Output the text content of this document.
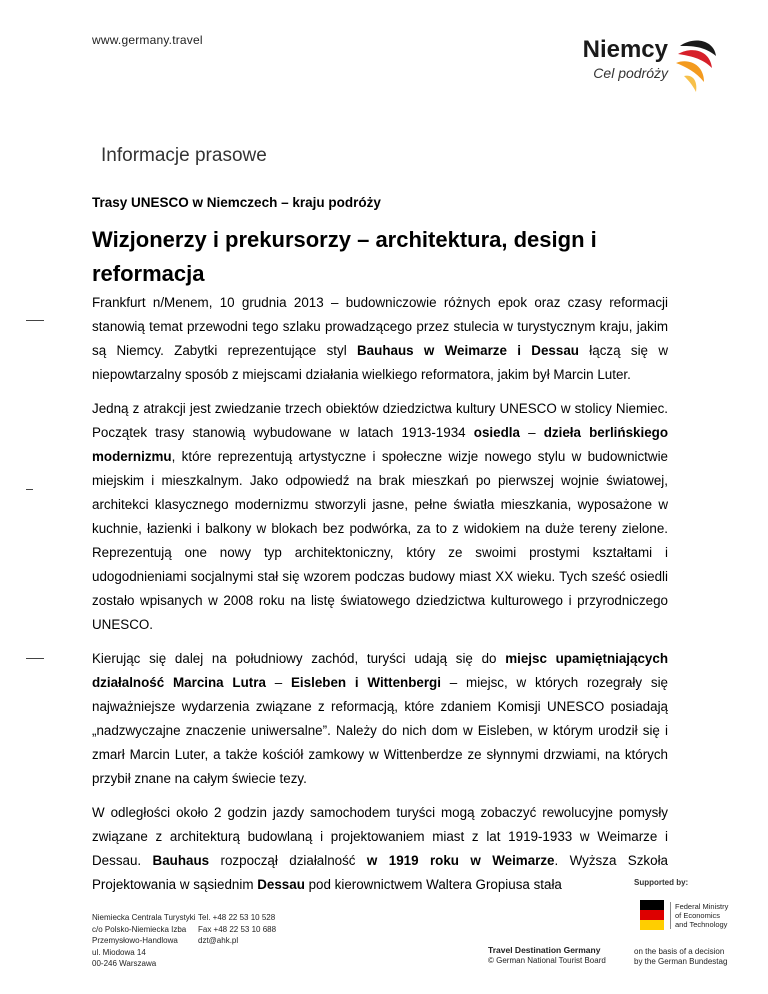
www.germany.travel	Niemcy
Cel podróży
Informacje prasowe
Trasy UNESCO w Niemczech – kraju podróży
Wizjonerzy i prekursorzy – architektura, design i reformacja

Frankfurt n/Menem, 10 grudnia 2013 – budowniczowie różnych epok oraz czasy reformacji stanowią temat przewodni tego szlaku prowadzącego przez stulecia w turystycznym kraju, jakim są Niemcy. Zabytki reprezentujące styl Bauhaus w Weimarze i Dessau łączą się w niepowtarzalny sposób z miejscami działania wielkiego reformatora, jakim był Marcin Luter.

Jedną z atrakcji jest zwiedzanie trzech obiektów dziedzictwa kultury UNESCO w stolicy Niemiec. Początek trasy stanowią wybudowane w latach 1913-1934 osiedla – dzieła berlińskiego modernizmu, które reprezentują artystyczne i społeczne wizje nowego stylu w budownictwie miejskim i mieszkalnym. Jako odpowiedź na brak mieszkań po pierwszej wojnie światowej, architekci klasycznego modernizmu stworzyli jasne, pełne światła mieszkania, wyposażone w kuchnie, łazienki i balkony w blokach bez podwórka, za to z widokiem na duże tereny zielone. Reprezentują one nowy typ architektoniczny, który ze swoimi prostymi kształtami i udogodnieniami socjalnymi stał się wzorem podczas budowy miast XX wieku. Tych sześć osiedli zostało wpisanych w 2008 roku na listę światowego dziedzictwa kulturowego i przyrodniczego UNESCO.

Kierując się dalej na południowy zachód, turyści udają się do miejsc upamiętniających działalność Marcina Lutra – Eisleben i Wittenbergi – miejsc, w których rozegrały się najważniejsze wydarzenia związane z reformacją, które zdaniem Komisji UNESCO posiadają „nadzwyczajne znaczenie uniwersalne”. Należy do nich dom w Eisleben, w którym urodził się i zmarł Marcin Luter, a także kościół zamkowy w Wittenberdze ze słynnymi drzwiami, na których przybił znane na całym świecie tezy.

W odległości około 2 godzin jazdy samochodem turyści mogą zobaczyć rewolucyjne pomysły związane z architekturą budowlaną i projektowaniem miast z lat 1919-1933 w Weimarze i Dessau. Bauhaus rozpoczął działalność w 1919 roku w Weimarze. Wyższa Szkoła Projektowania w sąsiednim Dessau pod kierownictwem Waltera Gropiusa stała

Niemiecka Centrala Turystyki
c/o Polsko-Niemiecka Izba
Przemysłowo-Handlowa
ul. Miodowa 14
00-246 Warszawa
Tel. +48 22 53 10 528
Fax +48 22 53 10 688
dzt@ahk.pl
Travel Destination Germany
© German National Tourist Board
Supported by:
Federal Ministry
of Economics
and Technology
on the basis of a decision
by the German Bundestag
